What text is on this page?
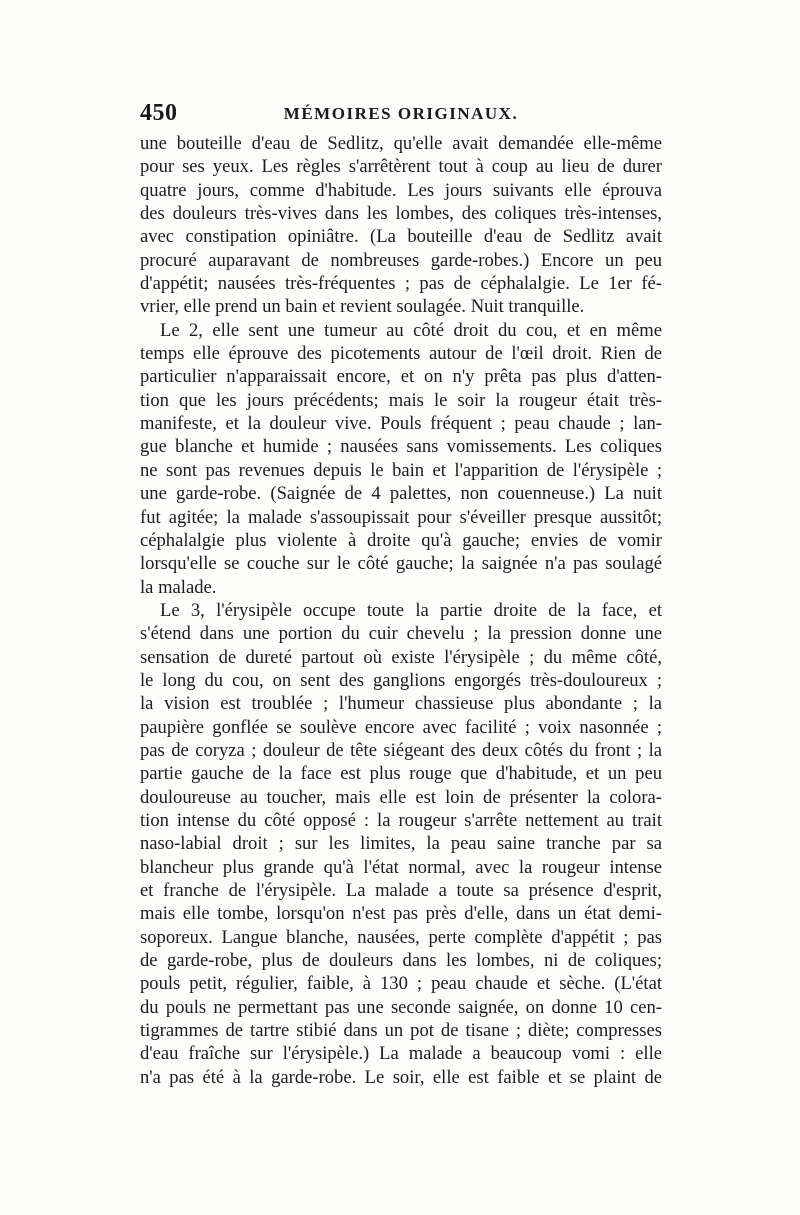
450	MÉMOIRES ORIGINAUX.
une bouteille d'eau de Sedlitz, qu'elle avait demandée elle-même
pour ses yeux. Les règles s'arrêtèrent tout à coup au lieu de durer
quatre jours, comme d'habitude. Les jours suivants elle éprouva
des douleurs très-vives dans les lombes, des coliques très-intenses,
avec constipation opiniâtre. (La bouteille d'eau de Sedlitz avait
procuré auparavant de nombreuses garde-robes.) Encore un peu
d'appétit; nausées très-fréquentes ; pas de céphalalgie. Le 1er fé-
vrier, elle prend un bain et revient soulagée. Nuit tranquille.
Le 2, elle sent une tumeur au côté droit du cou, et en même
temps elle éprouve des picotements autour de l'œil droit. Rien de
particulier n'apparaissait encore, et on n'y prêta pas plus d'atten-
tion que les jours précédents; mais le soir la rougeur était très-
manifeste, et la douleur vive. Pouls fréquent ; peau chaude ; lan-
gue blanche et humide ; nausées sans vomissements. Les coliques
ne sont pas revenues depuis le bain et l'apparition de l'érysipèle ;
une garde-robe. (Saignée de 4 palettes, non couenneuse.) La nuit
fut agitée; la malade s'assoupissait pour s'éveiller presque aussitôt;
céphalalgie plus violente à droite qu'à gauche; envies de vomir
lorsqu'elle se couche sur le côté gauche; la saignée n'a pas soulagé
la malade.
Le 3, l'érysipèle occupe toute la partie droite de la face, et
s'étend dans une portion du cuir chevelu ; la pression donne une
sensation de dureté partout où existe l'érysipèle ; du même côté,
le long du cou, on sent des ganglions engorgés très-douloureux ;
la vision est troublée ; l'humeur chassieuse plus abondante ; la
paupière gonflée se soulève encore avec facilité ; voix nasonnée ;
pas de coryza ; douleur de tête siégeant des deux côtés du front ; la
partie gauche de la face est plus rouge que d'habitude, et un peu
douloureuse au toucher, mais elle est loin de présenter la colora-
tion intense du côté opposé : la rougeur s'arrête nettement au trait
naso-labial droit ; sur les limites, la peau saine tranche par sa
blancheur plus grande qu'à l'état normal, avec la rougeur intense
et franche de l'érysipèle. La malade a toute sa présence d'esprit,
mais elle tombe, lorsqu'on n'est pas près d'elle, dans un état demi-
soporeux. Langue blanche, nausées, perte complète d'appétit ; pas
de garde-robe, plus de douleurs dans les lombes, ni de coliques;
pouls petit, régulier, faible, à 130 ; peau chaude et sèche. (L'état
du pouls ne permettant pas une seconde saignée, on donne 10 cen-
tigrammes de tartre stibié dans un pot de tisane ; diète; compresses
d'eau fraîche sur l'érysipèle.) La malade a beaucoup vomi : elle
n'a pas été à la garde-robe. Le soir, elle est faible et se plaint de
